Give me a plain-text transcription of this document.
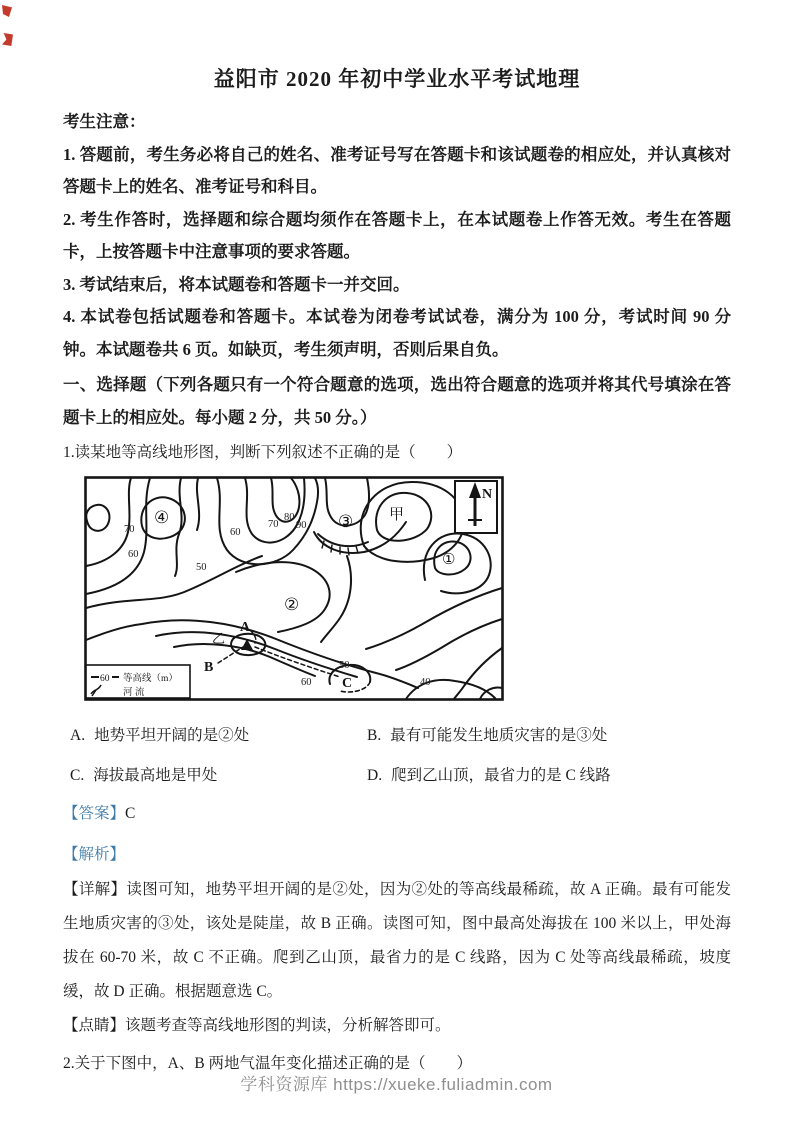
益阳市 2020 年初中学业水平考试地理

考生注意：

1. 答题前，考生务必将自己的姓名、准考证号写在答题卡和该试题卷的相应处，并认真核对答题卡上的姓名、准考证号和科目。

2. 考生作答时，选择题和综合题均须作在答题卡上，在本试题卷上作答无效。考生在答题卡，上按答题卡中注意事项的要求答题。

3. 考试结束后，将本试题卷和答题卡一并交回。

4. 本试卷包括试题卷和答题卡。本试卷为闭卷考试试卷，满分为 100 分，考试时间 90 分钟。本试题卷共 6 页。如缺页，考生须声明，否则后果自负。

一、选择题（下列各题只有一个符合题意的选项，选出符合题意的选项并将其代号填涂在答题卡上的相应处。每小题 2 分，共 50 分。）
1.读某地等高线地形图，判断下列叙述不正确的是（　　）
N
70
60
50
60
70
80
90
50
60	40
④	③
②
①
甲
乙
A
B
C
60 等高线（m）
河 流
A. 地势平坦开阔的是②处	B. 最有可能发生地质灾害的是③处
C. 海拔最高地是甲处	D. 爬到乙山顶，最省力的是 C 线路
【答案】C
【解析】
【详解】读图可知，地势平坦开阔的是②处，因为②处的等高线最稀疏，故 A 正确。最有可能发生地质灾害的③处，该处是陡崖，故 B 正确。读图可知，图中最高处海拔在 100 米以上，甲处海拔在 60-70 米，故 C 不正确。爬到乙山顶，最省力的是 C 线路，因为 C 处等高线最稀疏，坡度缓，故 D 正确。根据题意选 C。
【点睛】该题考查等高线地形图的判读，分析解答即可。
2.关于下图中，A、B 两地气温年变化描述正确的是（　　）
学科资源库 https://xueke.fuliadmin.com
